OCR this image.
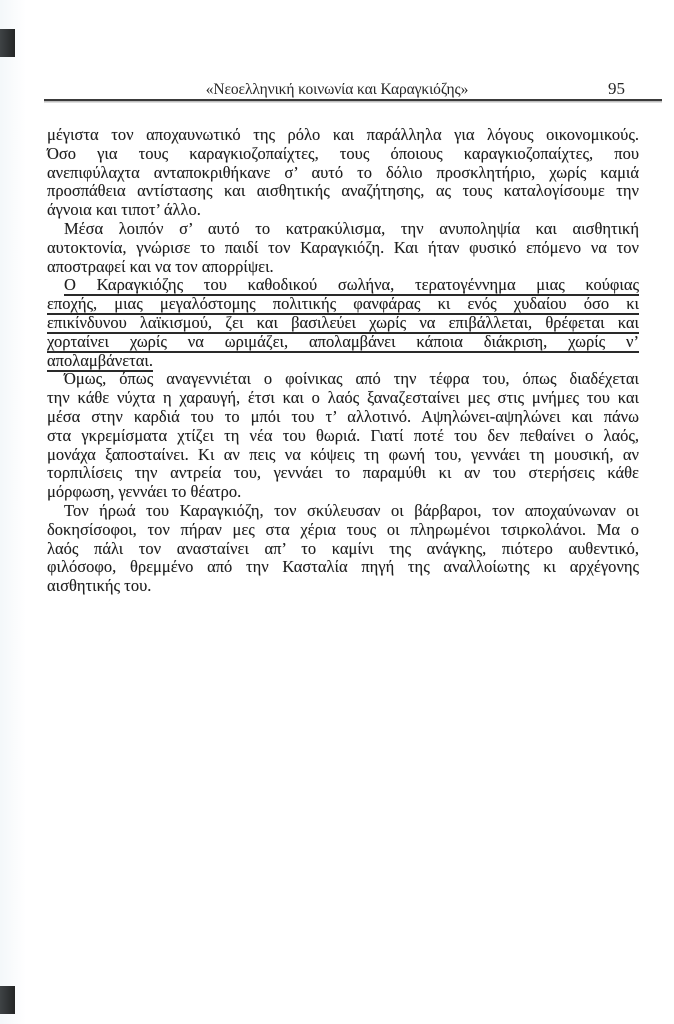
«Νεοελληνική κοινωνία και Καραγκιόζης»	95
μέγιστα τον αποχαυνωτικό της ρόλο και παράλληλα για λόγους οικονομικούς.
Όσο για τους καραγκιοζοπαίχτες, τους όποιους καραγκιοζοπαίχτες, που
ανεπιφύλαχτα ανταποκριθήκανε σ’ αυτό το δόλιο προσκλητήριο, χωρίς καμιά
προσπάθεια αντίστασης και αισθητικής αναζήτησης, ας τους καταλογίσουμε την
άγνοια και τιποτ’ άλλο.
Μέσα λοιπόν σ’ αυτό το κατρακύλισμα, την ανυποληψία και αισθητική
αυτοκτονία, γνώρισε το παιδί τον Καραγκιόζη. Και ήταν φυσικό επόμενο να τον
αποστραφεί και να τον απορρίψει.
Ο Καραγκιόζης του καθοδικού σωλήνα, τερατογέννημα μιας κούφιας
εποχής, μιας μεγαλόστομης πολιτικής φανφάρας κι ενός χυδαίου όσο κι
επικίνδυνου λαϊκισμού, ζει και βασιλεύει χωρίς να επιβάλλεται, θρέφεται και
χορταίνει χωρίς να ωριμάζει, απολαμβάνει κάποια διάκριση, χωρίς ν’
απολαμβάνεται.
Όμως, όπως αναγεννιέται ο φοίνικας από την τέφρα του, όπως διαδέχεται
την κάθε νύχτα η χαραυγή, έτσι και ο λαός ξαναζεσταίνει μες στις μνήμες του και
μέσα στην καρδιά του το μπόι του τ’ αλλοτινό. Αψηλώνει-αψηλώνει και πάνω
στα γκρεμίσματα χτίζει τη νέα του θωριά. Γιατί ποτέ του δεν πεθαίνει ο λαός,
μονάχα ξαποσταίνει. Κι αν πεις να κόψεις τη φωνή του, γεννάει τη μουσική, αν
τορπιλίσεις την αντρεία του, γεννάει το παραμύθι κι αν του στερήσεις κάθε
μόρφωση, γεννάει το θέατρο.
Τον ήρωά του Καραγκιόζη, τον σκύλευσαν οι βάρβαροι, τον αποχαύνωναν οι
δοκησίσοφοι, τον πήραν μες στα χέρια τους οι πληρωμένοι τσιρκολάνοι. Μα ο
λαός πάλι τον ανασταίνει απ’ το καμίνι της ανάγκης, πιότερο αυθεντικό,
φιλόσοφο, θρεμμένο από την Κασταλία πηγή της αναλλοίωτης κι αρχέγονης
αισθητικής του.
